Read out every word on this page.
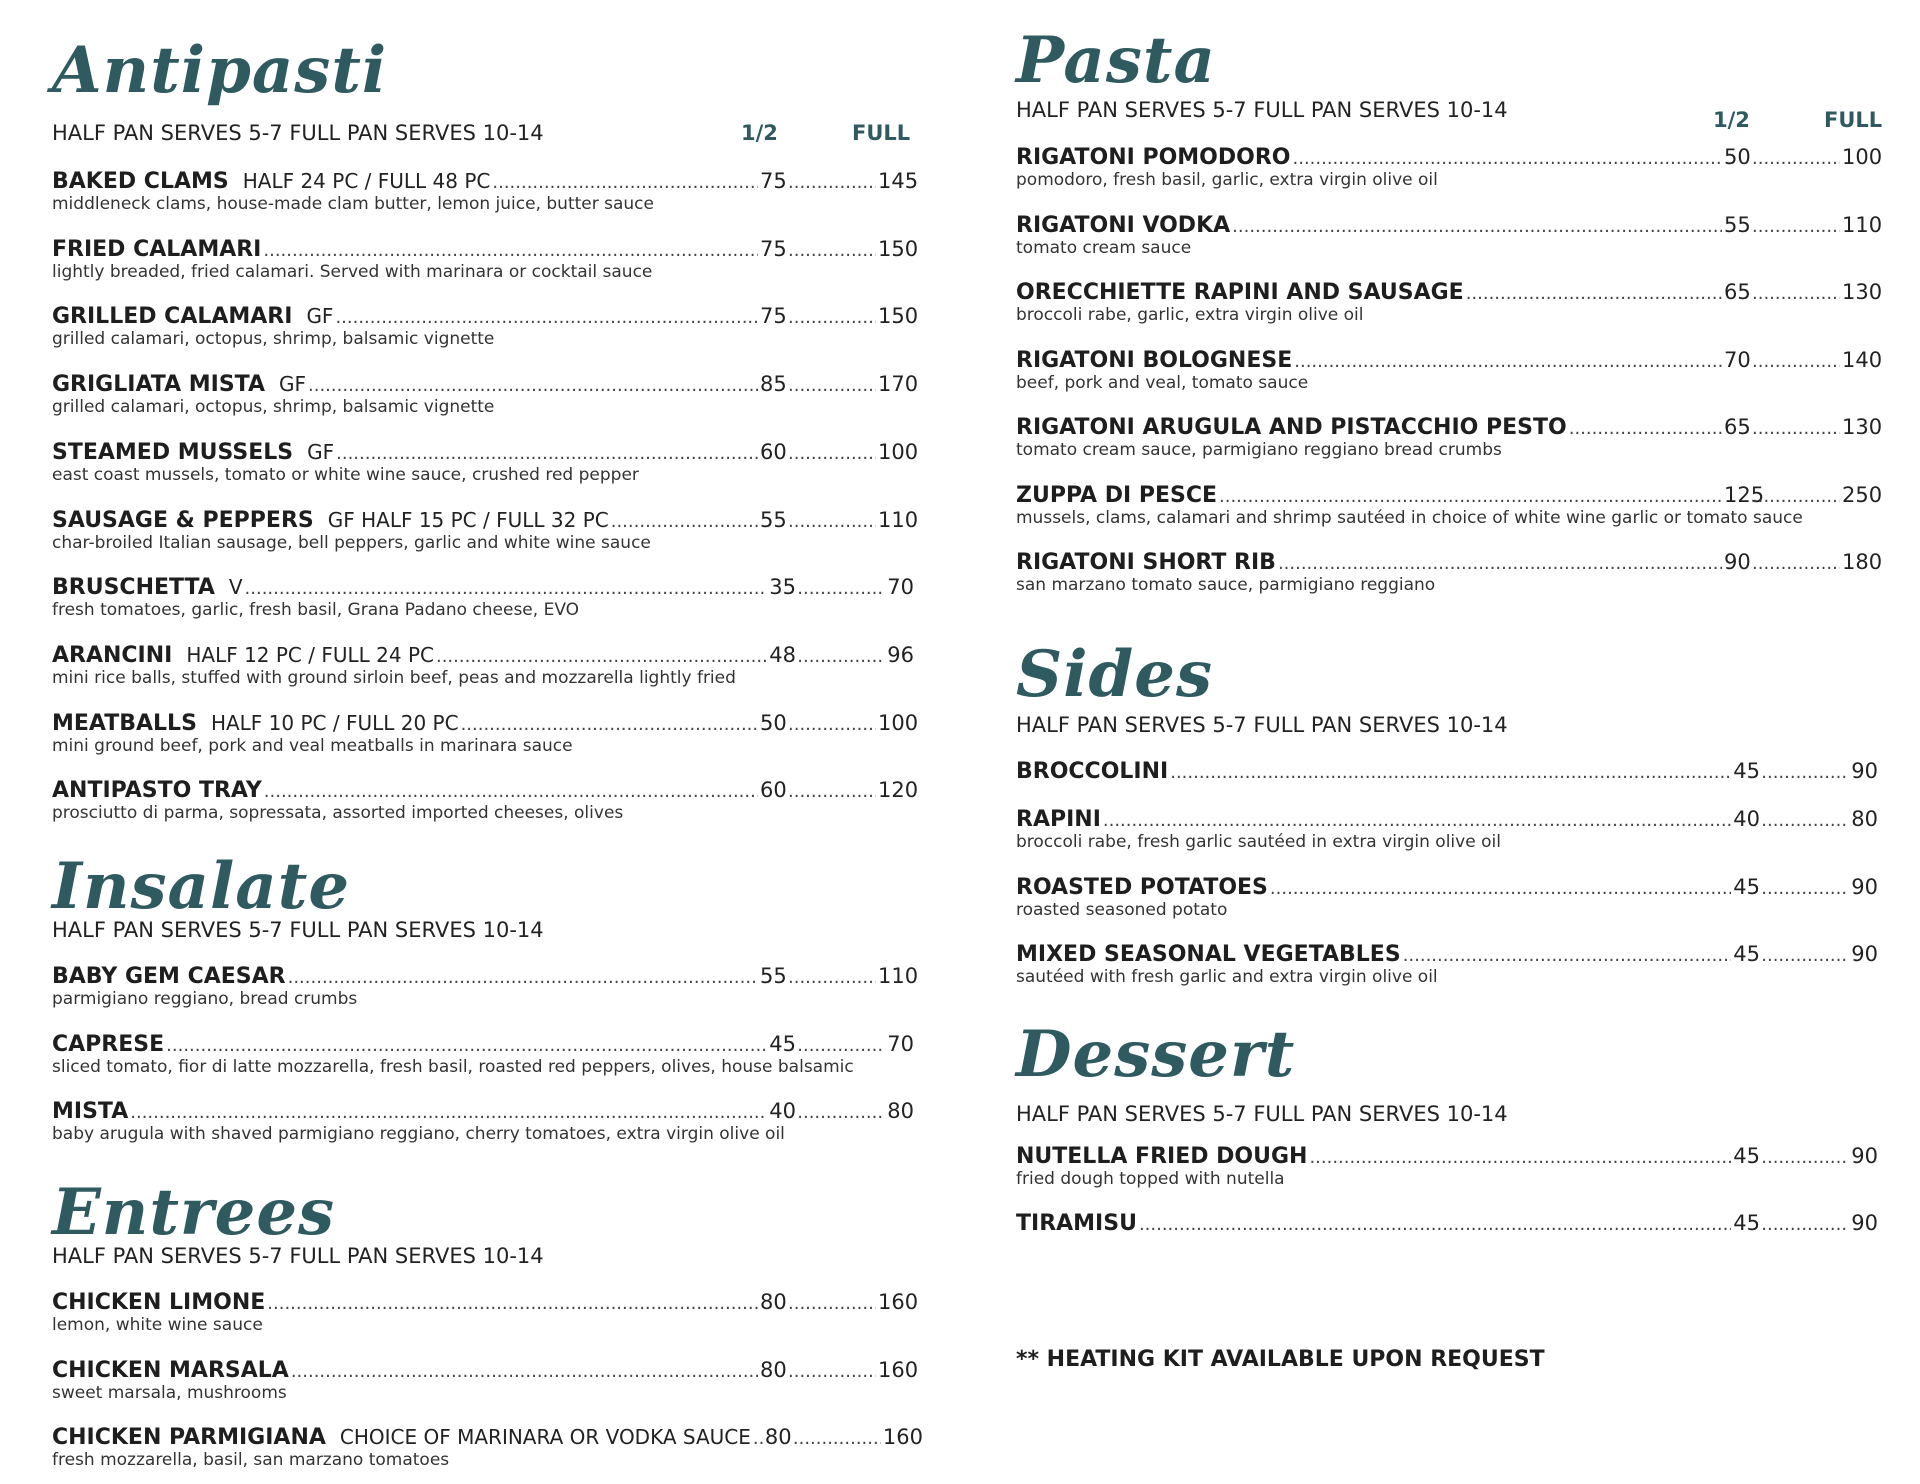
Antipasti
HALF PAN SERVES 5-7 FULL PAN SERVES 10-14	1/2	FULL
BAKED CLAMS HALF 24 PC / FULL 48 PC .....	75 .....	145
middleneck clams, house-made clam butter, lemon juice, butter sauce
FRIED CALAMARI .....	75 .....	150
lightly breaded, fried calamari. Served with marinara or cocktail sauce
GRILLED CALAMARI GF .....	75 .....	150
grilled calamari, octopus, shrimp, balsamic vignette
GRIGLIATA MISTA GF .....	85 .....	170
grilled calamari, octopus, shrimp, balsamic vignette
STEAMED MUSSELS GF .....	60 .....	100
east coast mussels, tomato or white wine sauce, crushed red pepper
SAUSAGE & PEPPERS GF HALF 15 PC / FULL 32 PC .....	55 .....	110
char-broiled Italian sausage, bell peppers, garlic and white wine sauce
BRUSCHETTA V .....	35 .....	70
fresh tomatoes, garlic, fresh basil, Grana Padano cheese, EVO
ARANCINI HALF 12 PC / FULL 24 PC .....	48 .....	96
mini rice balls, stuffed with ground sirloin beef, peas and mozzarella lightly fried
MEATBALLS HALF 10 PC / FULL 20 PC .....	50 .....	100
mini ground beef, pork and veal meatballs in marinara sauce
ANTIPASTO TRAY .....	60 .....	120
prosciutto di parma, sopressata, assorted imported cheeses, olives
Insalate
HALF PAN SERVES 5-7 FULL PAN SERVES 10-14
BABY GEM CAESAR .....	55 .....	110
parmigiano reggiano, bread crumbs
CAPRESE .....	45 .....	70
sliced tomato, fior di latte mozzarella, fresh basil, roasted red peppers, olives, house balsamic
MISTA .....	40 .....	80
baby arugula with shaved parmigiano reggiano, cherry tomatoes, extra virgin olive oil
Entrees
HALF PAN SERVES 5-7 FULL PAN SERVES 10-14
CHICKEN LIMONE .....	80 .....	160
lemon, white wine sauce
CHICKEN MARSALA .....	80 .....	160
sweet marsala, mushrooms
CHICKEN PARMIGIANA CHOICE OF MARINARA OR VODKA SAUCE ..... 80 .....	160
fresh mozzarella, basil, san marzano tomatoes
Pasta
HALF PAN SERVES 5-7 FULL PAN SERVES 10-14	1/2	FULL
RIGATONI POMODORO .....	50 .....	100
pomodoro, fresh basil, garlic, extra virgin olive oil
RIGATONI VODKA .....	55 .....	110
tomato cream sauce
ORECCHIETTE RAPINI AND SAUSAGE .....	65 .....	130
broccoli rabe, garlic, extra virgin olive oil
RIGATONI BOLOGNESE .....	70 .....	140
beef, pork and veal, tomato sauce
RIGATONI ARUGULA AND PISTACCHIO PESTO .....	65 .....	130
tomato cream sauce, parmigiano reggiano bread crumbs
ZUPPA DI PESCE .....	125 .....	250
mussels, clams, calamari and shrimp sautéed in choice of white wine garlic or tomato sauce
RIGATONI SHORT RIB .....	90 .....	180
san marzano tomato sauce, parmigiano reggiano
Sides
HALF PAN SERVES 5-7 FULL PAN SERVES 10-14
BROCCOLINI .....	45 .....	90
RAPINI .....	40 .....	80
broccoli rabe, fresh garlic sautéed in extra virgin olive oil
ROASTED POTATOES .....	45 .....	90
roasted seasoned potato
MIXED SEASONAL VEGETABLES .....	45 .....	90
sautéed with fresh garlic and extra virgin olive oil
Dessert
HALF PAN SERVES 5-7 FULL PAN SERVES 10-14
NUTELLA FRIED DOUGH .....	45 .....	90
fried dough topped with nutella
TIRAMISU .....	45 .....	90
** HEATING KIT AVAILABLE UPON REQUEST
